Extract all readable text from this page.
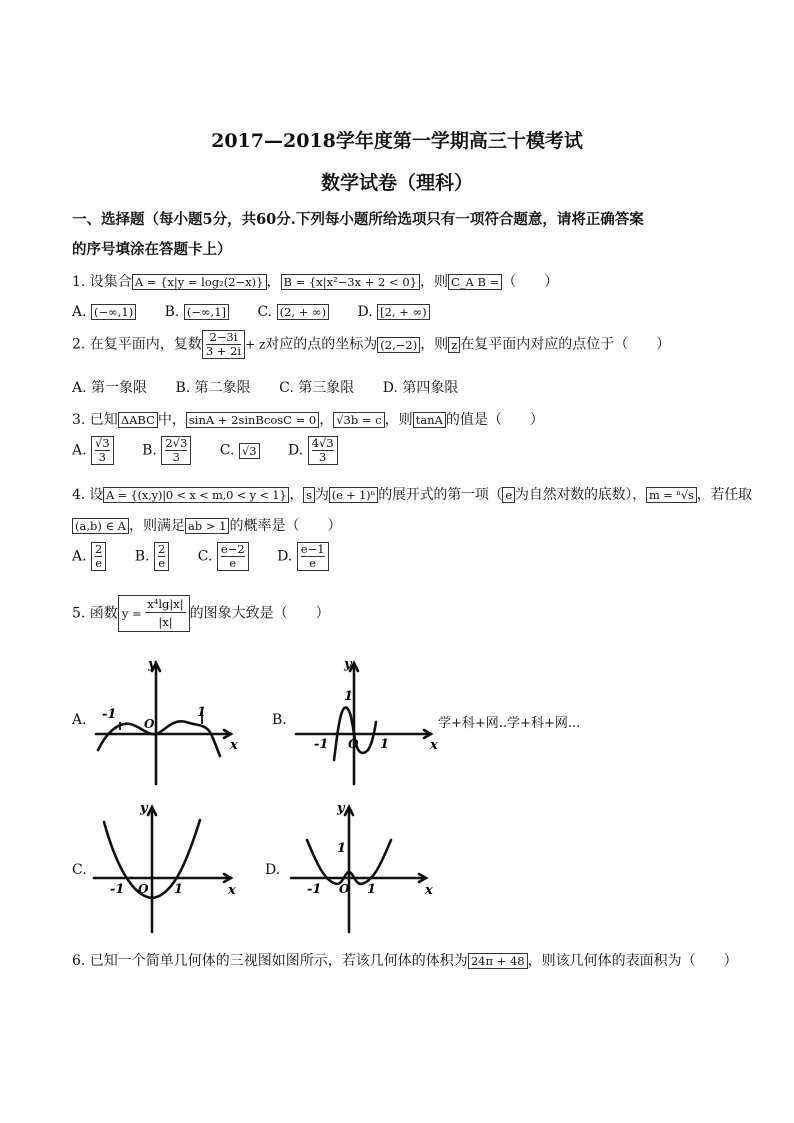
2017—2018学年度第一学期高三十模考试
数学试卷（理科）
一、选择题（每小题5分，共60分.下列每小题所给选项只有一项符合题意，请将正确答案
的序号填涂在答题卡上）
1. 设集合 A = {x|y = log₂(2−x)} ， B = {x|x²−3x + 2 < 0} ，则 C_A B = （　　）
A. (−∞,1) B. (−∞,1] C. (2, + ∞) D. [2, + ∞)
2. 在复平面内，复数 $\frac{2-3i}{3 + 2i} + z$对应的点的坐标为 (2,−2) ，则 z 在复平面内对应的点位于（　　）
A. 第一象限 B. 第二象限 C. 第三象限 D. 第四象限
3. 已知 ΔABC 中， sinA + 2sinBcosC = 0 ， √3b = c ，则 tanA 的值是（　　）
A. $\frac{√3}{3} B$. $\frac{2√3}{3} C$. √3 D. $\frac{4√3}{3}$
4. 设 A = {(x,y)|0 < x < m,0 < y < 1} ， s 为 (e + 1)ⁿ 的展开式的第一项（ e 为自然对数的底数）， m = ⁿ√s ，若任取
(a,b) ∈ A ，则满足 ab > 1 的概率是（　　）
A. $\frac{2}{e} B$. $\frac{2}{e} C$. $\frac{e-2}{e} D$. $\frac{e-1}{e}$
5. 函数 $y = \frac{\text{x⁴lg|x|}}{|x|}$ 的图象大致是（　　）
A.
y
x
-1	1
O	B.
y
x
-1	1
1
O
学+科+网..学+科+网...
C.
y
x
-1	1
O
D.
y
x
-1	1
1
O
6. 已知一个简单几何体的三视图如图所示，若该几何体的体积为 24π + 48 ，则该几何体的表面积为（　　）
